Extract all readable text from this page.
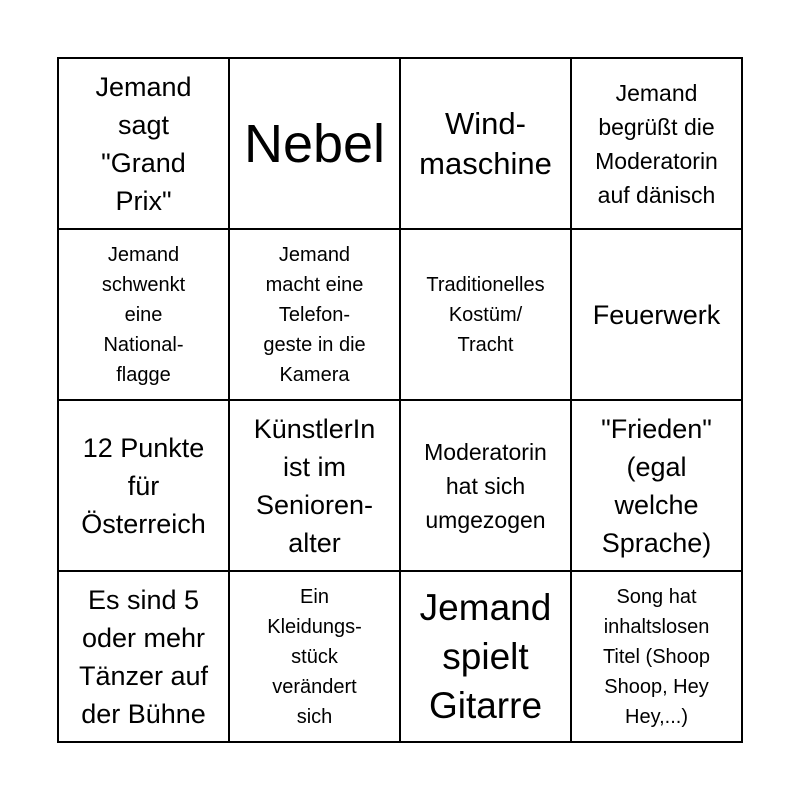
Jemand
sagt
"Grand
Prix"
Nebel	Wind-
maschine
Jemand
begrüßt die
Moderatorin
auf dänisch
Jemand
schwenkt
eine
National-
flagge
Jemand
macht eine
Telefon-
geste in die
Kamera
Traditionelles
Kostüm/
Tracht
Feuerwerk
12 Punkte
für
Österreich
KünstlerIn
ist im
Senioren-
alter
Moderatorin
hat sich
umgezogen
"Frieden"
(egal
welche
Sprache)
Es sind 5
oder mehr
Tänzer auf
der Bühne
Ein
Kleidungs-
stück
verändert
sich
Jemand
spielt
Gitarre
Song hat
inhaltslosen
Titel (Shoop
Shoop, Hey
Hey,...)
